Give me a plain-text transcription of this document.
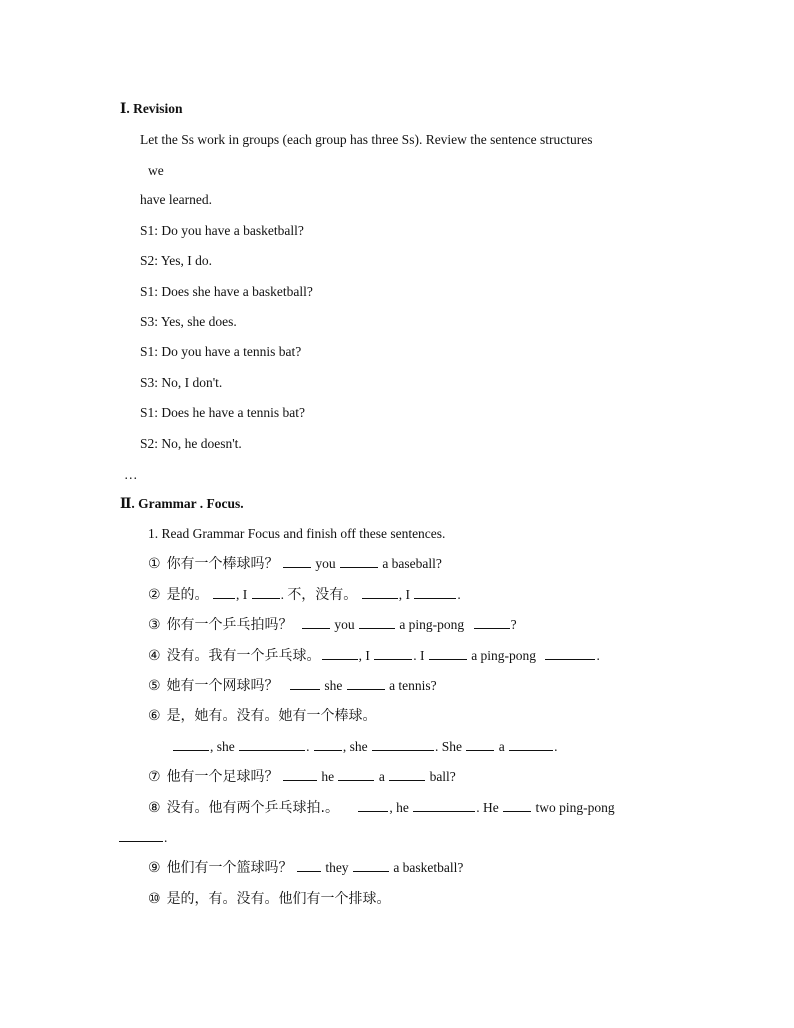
Ⅰ. Revision
Let the Ss work in groups (each group has three Ss). Review the sentence structures
we
have learned.
S1: Do you have a basketball?
S2: Yes, I do.
S1: Does she have a basketball?
S3: Yes, she does.
S1: Do you have a tennis bat?
S3: No, I don't.
S1: Does he have a tennis bat?
S2: No, he doesn't.
…
Ⅱ. Grammar . Focus.
1. Read Grammar Focus and finish off these sentences.
① 你有一个棒球吗？	you	a baseball?
② 是的。 , I . 不，没有。	, I	.
③ 你有一个乒乓拍吗？	you	a ping-pong	?
④ 没有。我有一个乒乓球。	, I	. I	a ping-pong	.
⑤ 她有一个网球吗？	she	a tennis?
⑥ 是，她有。没有。她有一个棒球。
, she	. , she	. She	a	.
⑦ 他有一个足球吗？	he	a	ball?
⑧ 没有。他有两个乒乓球拍.。	, he	. He	two ping-pong
.
⑨ 他们有一个篮球吗？ they	a basketball?
⑩ 是的，有。没有。他们有一个排球。
